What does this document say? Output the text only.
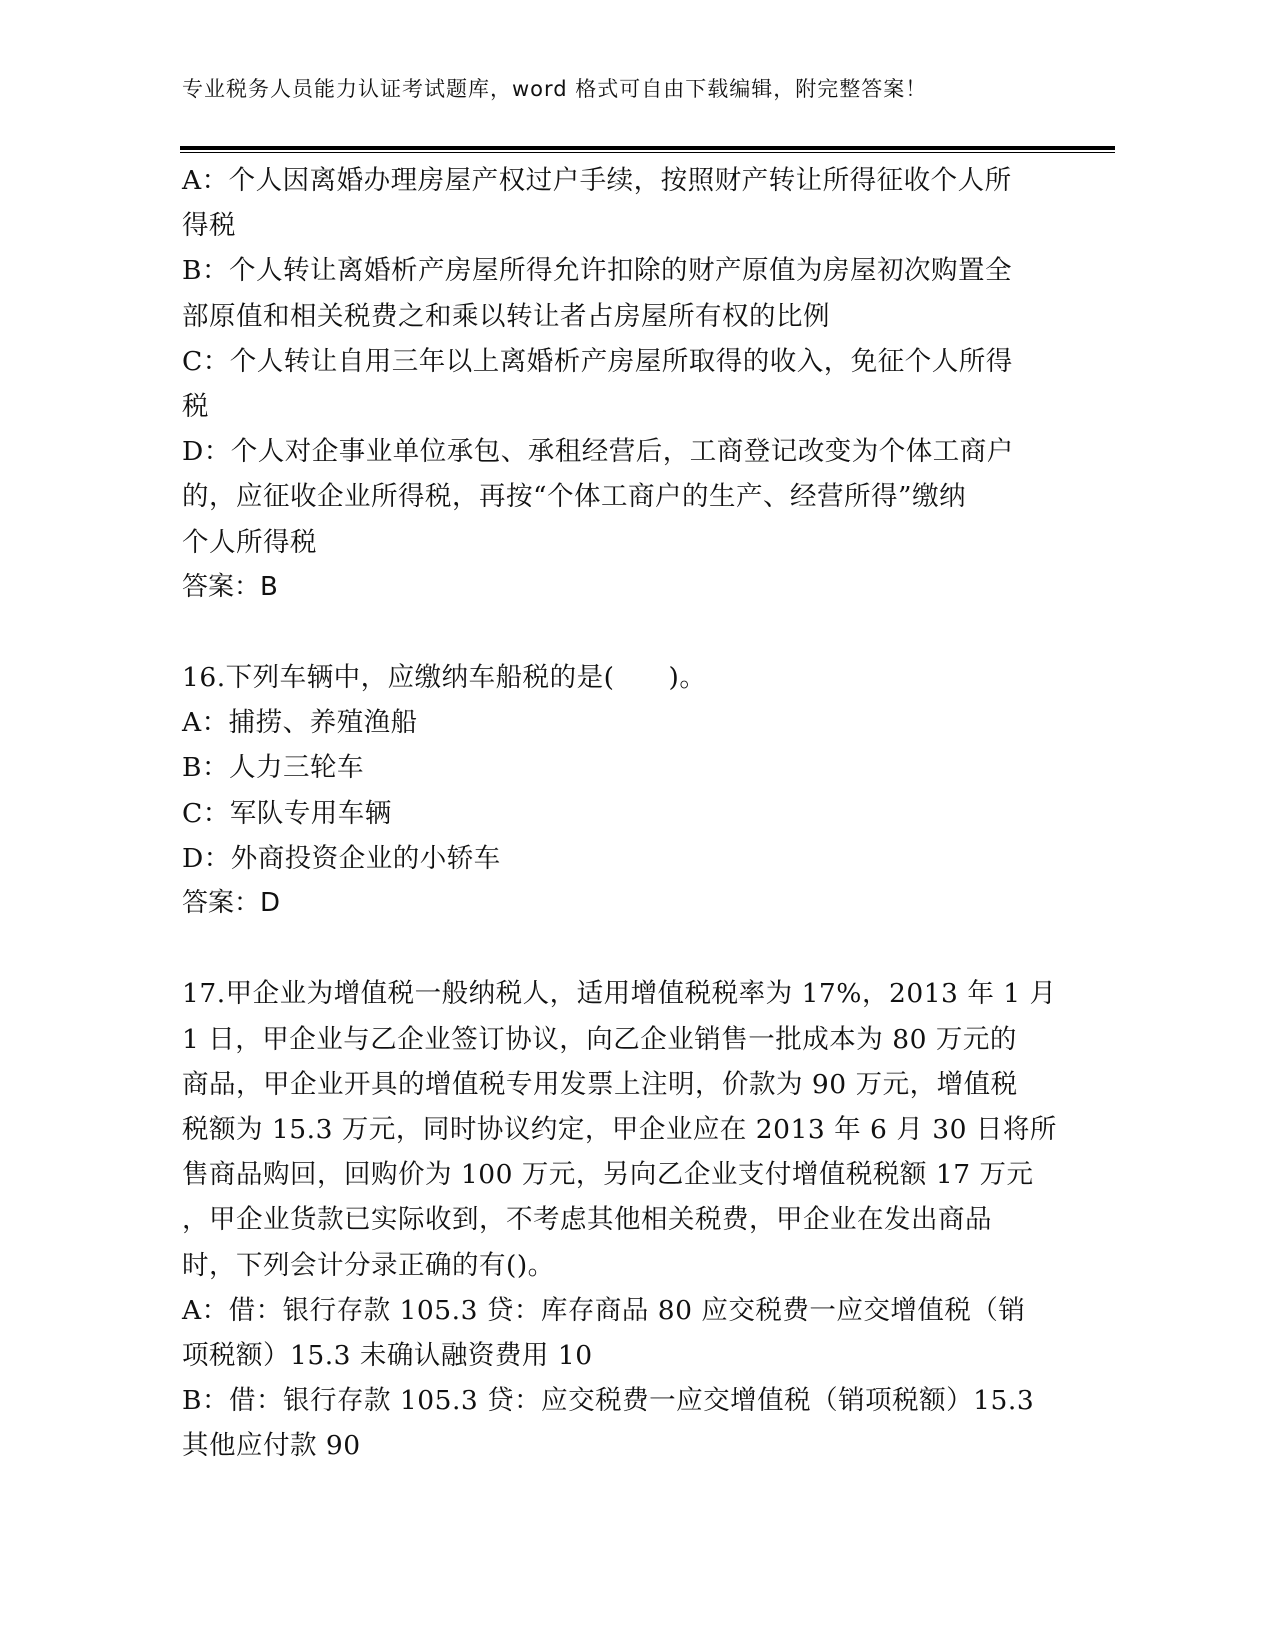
专业税务人员能力认证考试题库，word 格式可自由下载编辑，附完整答案！
A：个人因离婚办理房屋产权过户手续，按照财产转让所得征收个人所
得税
B：个人转让离婚析产房屋所得允许扣除的财产原值为房屋初次购置全
部原值和相关税费之和乘以转让者占房屋所有权的比例
C：个人转让自用三年以上离婚析产房屋所取得的收入，免征个人所得
税
D：个人对企事业单位承包、承租经营后，工商登记改变为个体工商户
的，应征收企业所得税，再按“个体工商户的生产、经营所得”缴纳
个人所得税
答案：B
16.下列车辆中，应缴纳车船税的是(　　)。
A：捕捞、养殖渔船
B：人力三轮车
C：军队专用车辆
D：外商投资企业的小轿车
答案：D
17.甲企业为增值税一般纳税人，适用增值税税率为 17%，2013 年 1 月
1 日，甲企业与乙企业签订协议，向乙企业销售一批成本为 80 万元的
商品，甲企业开具的增值税专用发票上注明，价款为 90 万元，增值税
税额为 15.3 万元，同时协议约定，甲企业应在 2013 年 6 月 30 日将所
售商品购回，回购价为 100 万元，另向乙企业支付增值税税额 17 万元
，甲企业货款已实际收到，不考虑其他相关税费，甲企业在发出商品
时，下列会计分录正确的有()。
A：借：银行存款 105.3 贷：库存商品 80 应交税费一应交增值税（销
项税额）15.3 未确认融资费用 10
B：借：银行存款 105.3 贷：应交税费一应交增值税（销项税额）15.3
其他应付款 90
